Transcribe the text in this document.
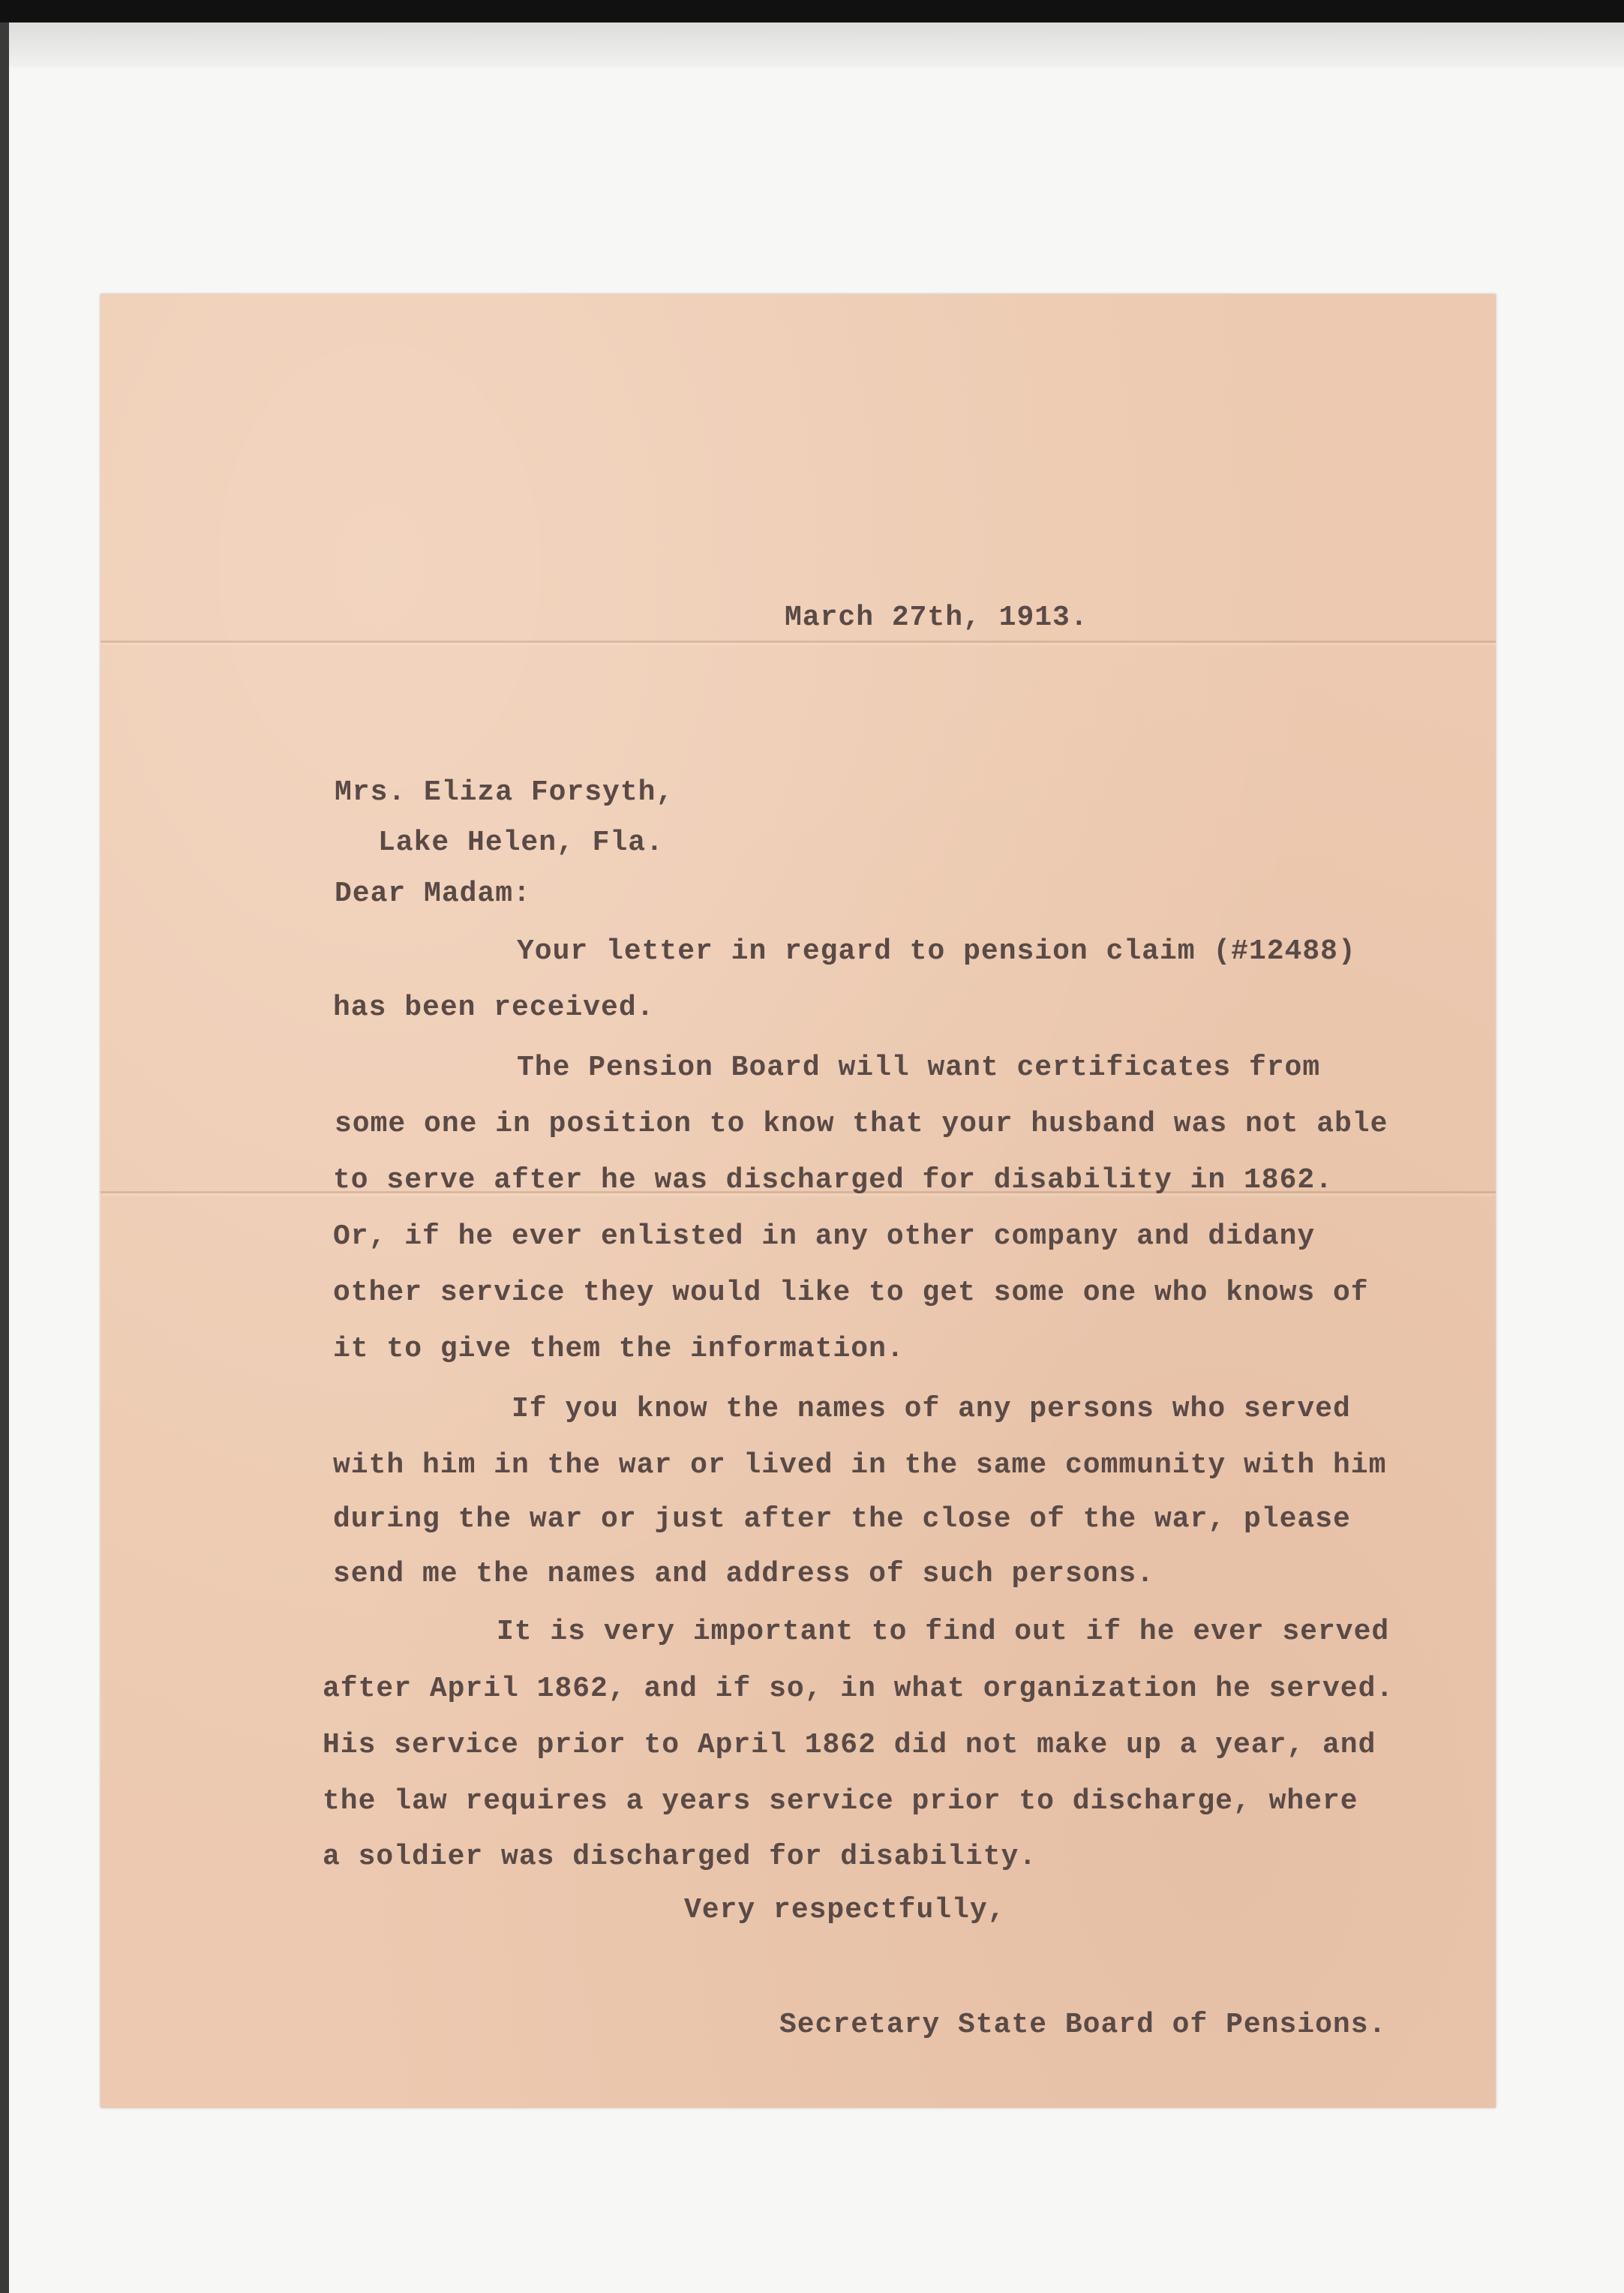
March 27th, 1913.
Mrs. Eliza Forsyth,
Lake Helen, Fla.
Dear Madam:
Your letter in regard to pension claim (#12488)
has been received.
The Pension Board will want certificates from
some one in position to know that your husband was not able
to serve after he was discharged for disability in 1862.
Or, if he ever enlisted in any other company and didany
other service they would like to get some one who knows of
it to give them the information.
If you know the names of any persons who served
with him in the war or lived in the same community with him
during the war or just after the close of the war, please
send me the names and address of such persons.
It is very important to find out if he ever served
after April 1862, and if so, in what organization he served.
His service prior to April 1862 did not make up a year, and
the law requires a years service prior to discharge, where
a soldier was discharged for disability.
Very respectfully,
Secretary State Board of Pensions.
